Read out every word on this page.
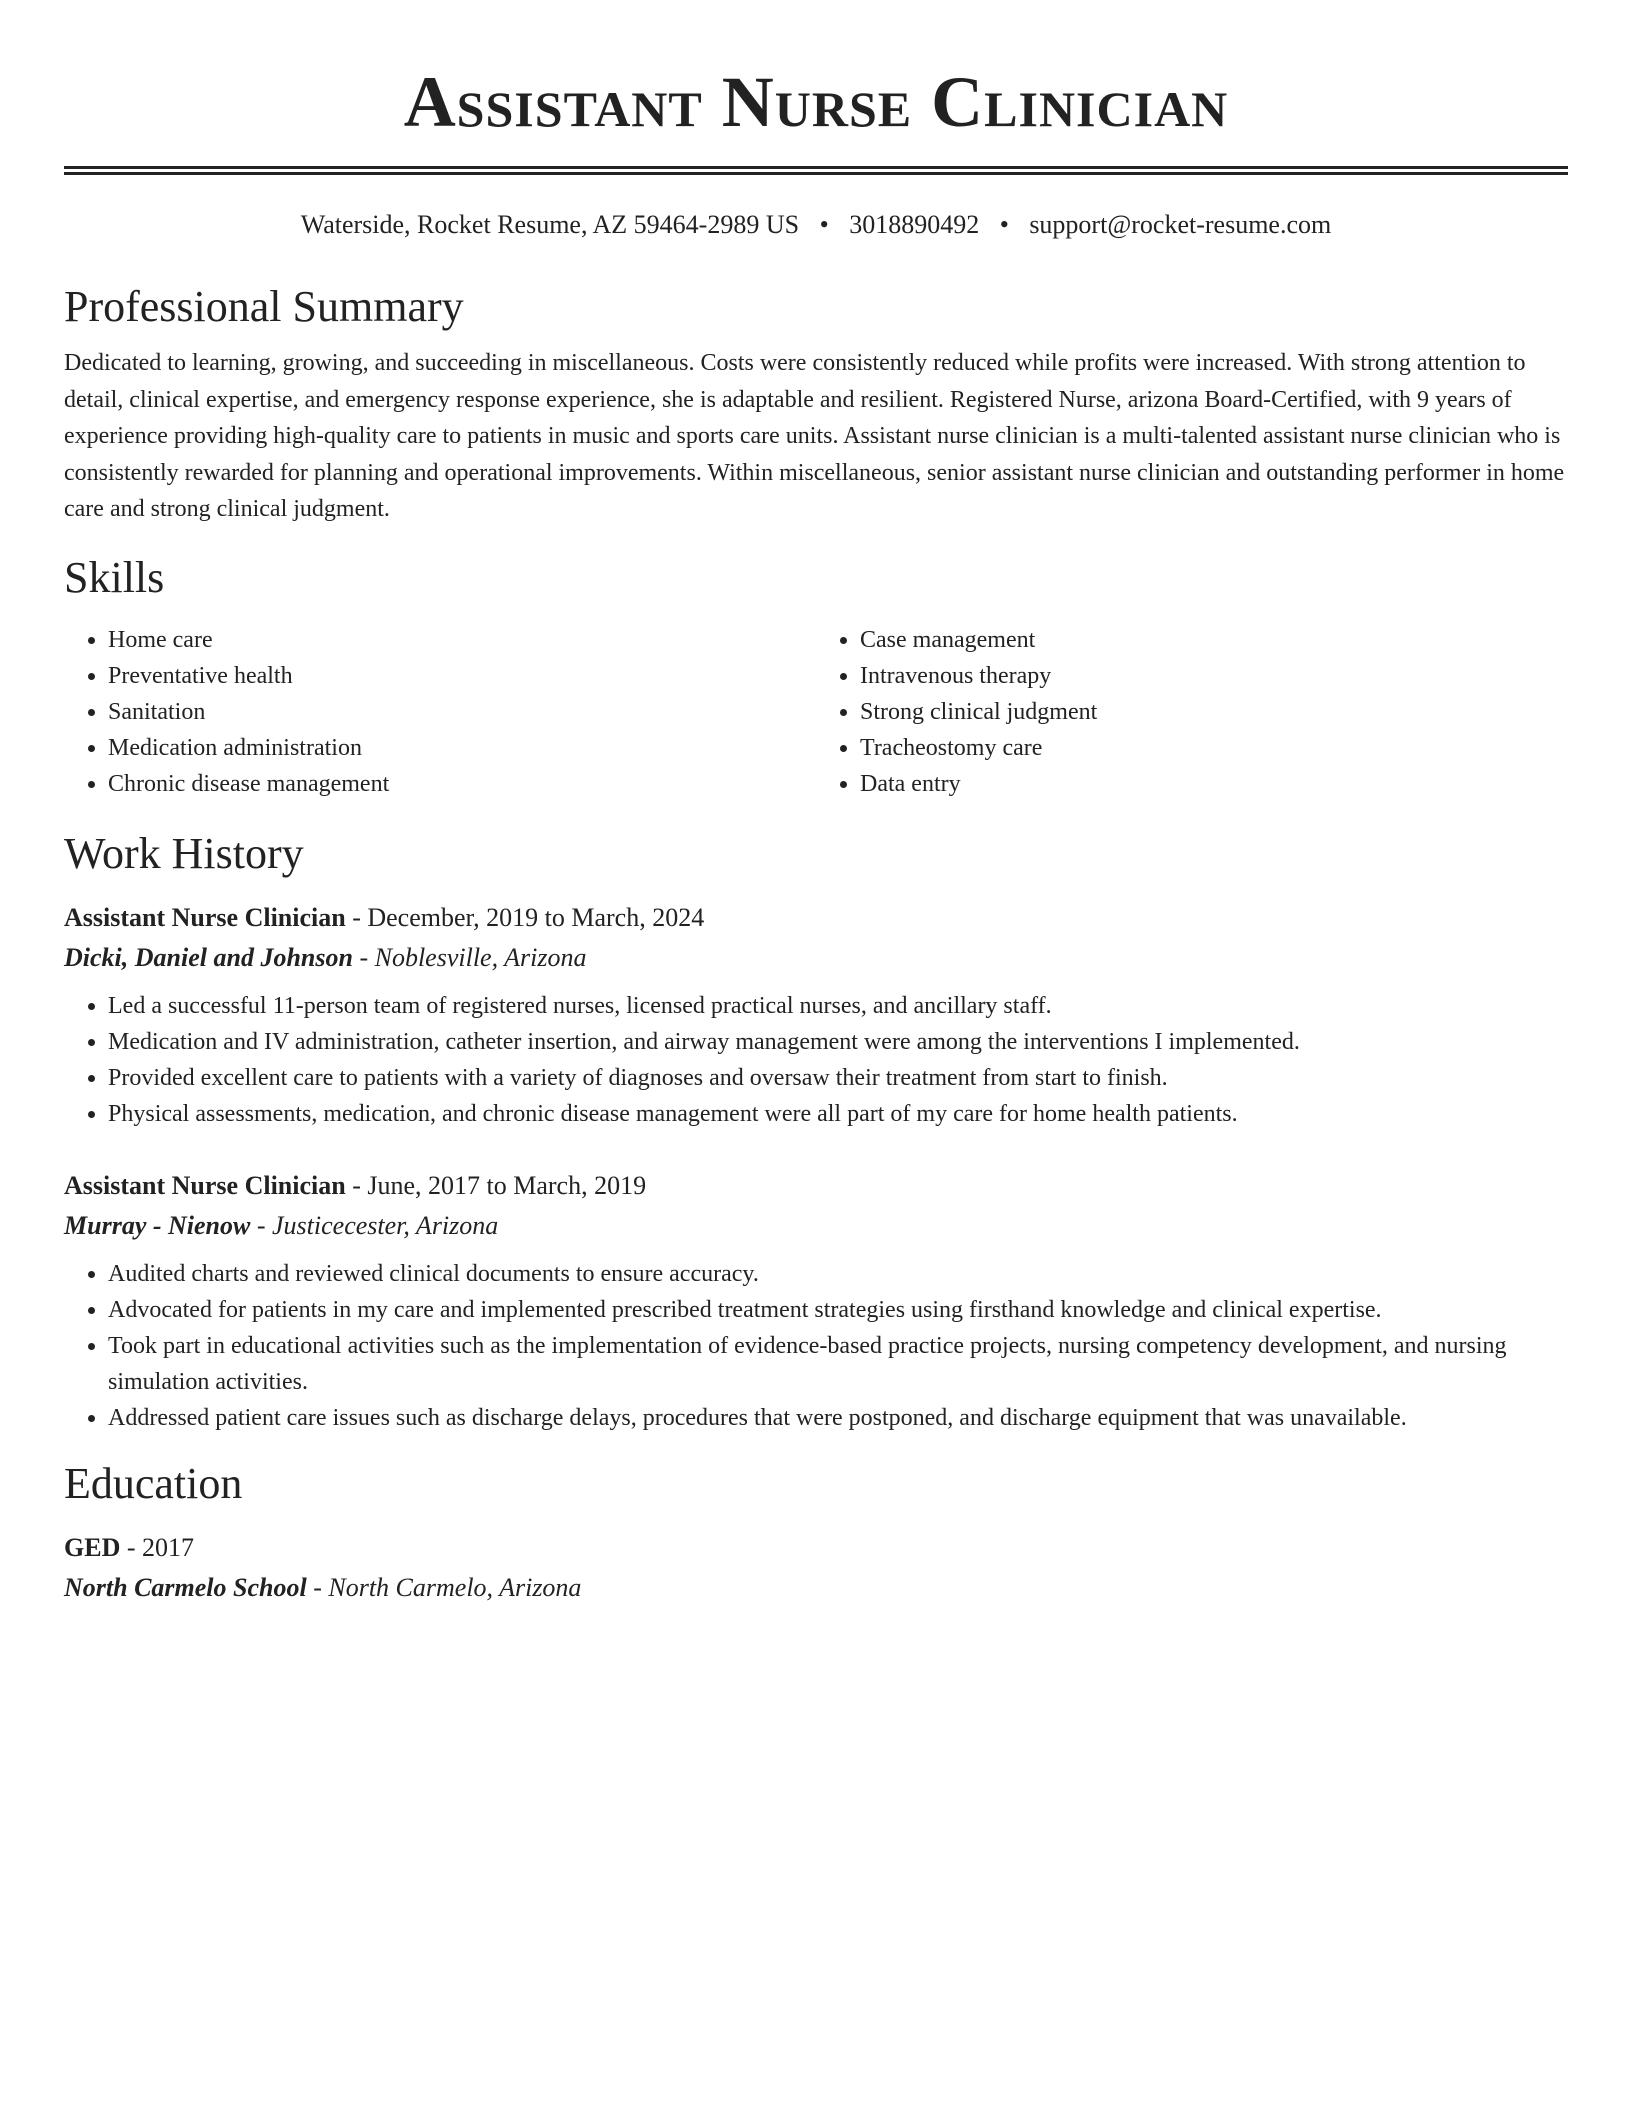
Assistant Nurse Clinician
Waterside, Rocket Resume, AZ 59464-2989 US • 3018890492 • support@rocket-resume.com
Professional Summary

Dedicated to learning, growing, and succeeding in miscellaneous. Costs were consistently reduced while profits were increased. With strong attention to detail, clinical expertise, and emergency response experience, she is adaptable and resilient. Registered Nurse, arizona Board-Certified, with 9 years of experience providing high-quality care to patients in music and sports care units. Assistant nurse clinician is a multi-talented assistant nurse clinician who is consistently rewarded for planning and operational improvements. Within miscellaneous, senior assistant nurse clinician and outstanding performer in home care and strong clinical judgment.

Skills
• Home care
• Preventative health
• Sanitation
• Medication administration
• Chronic disease management
• Case management
• Intravenous therapy
• Strong clinical judgment
• Tracheostomy care
• Data entry
Work History

Assistant Nurse Clinician - December, 2019 to March, 2024

Dicki, Daniel and Johnson - Noblesville, Arizona

• Led a successful 11-person team of registered nurses, licensed practical nurses, and ancillary staff.
• Medication and IV administration, catheter insertion, and airway management were among the interventions I implemented.
• Provided excellent care to patients with a variety of diagnoses and oversaw their treatment from start to finish.
• Physical assessments, medication, and chronic disease management were all part of my care for home health patients.

Assistant Nurse Clinician - June, 2017 to March, 2019

Murray - Nienow - Justicecester, Arizona

• Audited charts and reviewed clinical documents to ensure accuracy.
• Advocated for patients in my care and implemented prescribed treatment strategies using firsthand knowledge and clinical expertise.
• Took part in educational activities such as the implementation of evidence-based practice projects, nursing competency development, and nursing simulation activities.
• Addressed patient care issues such as discharge delays, procedures that were postponed, and discharge equipment that was unavailable.
Education

GED - 2017

North Carmelo School - North Carmelo, Arizona
